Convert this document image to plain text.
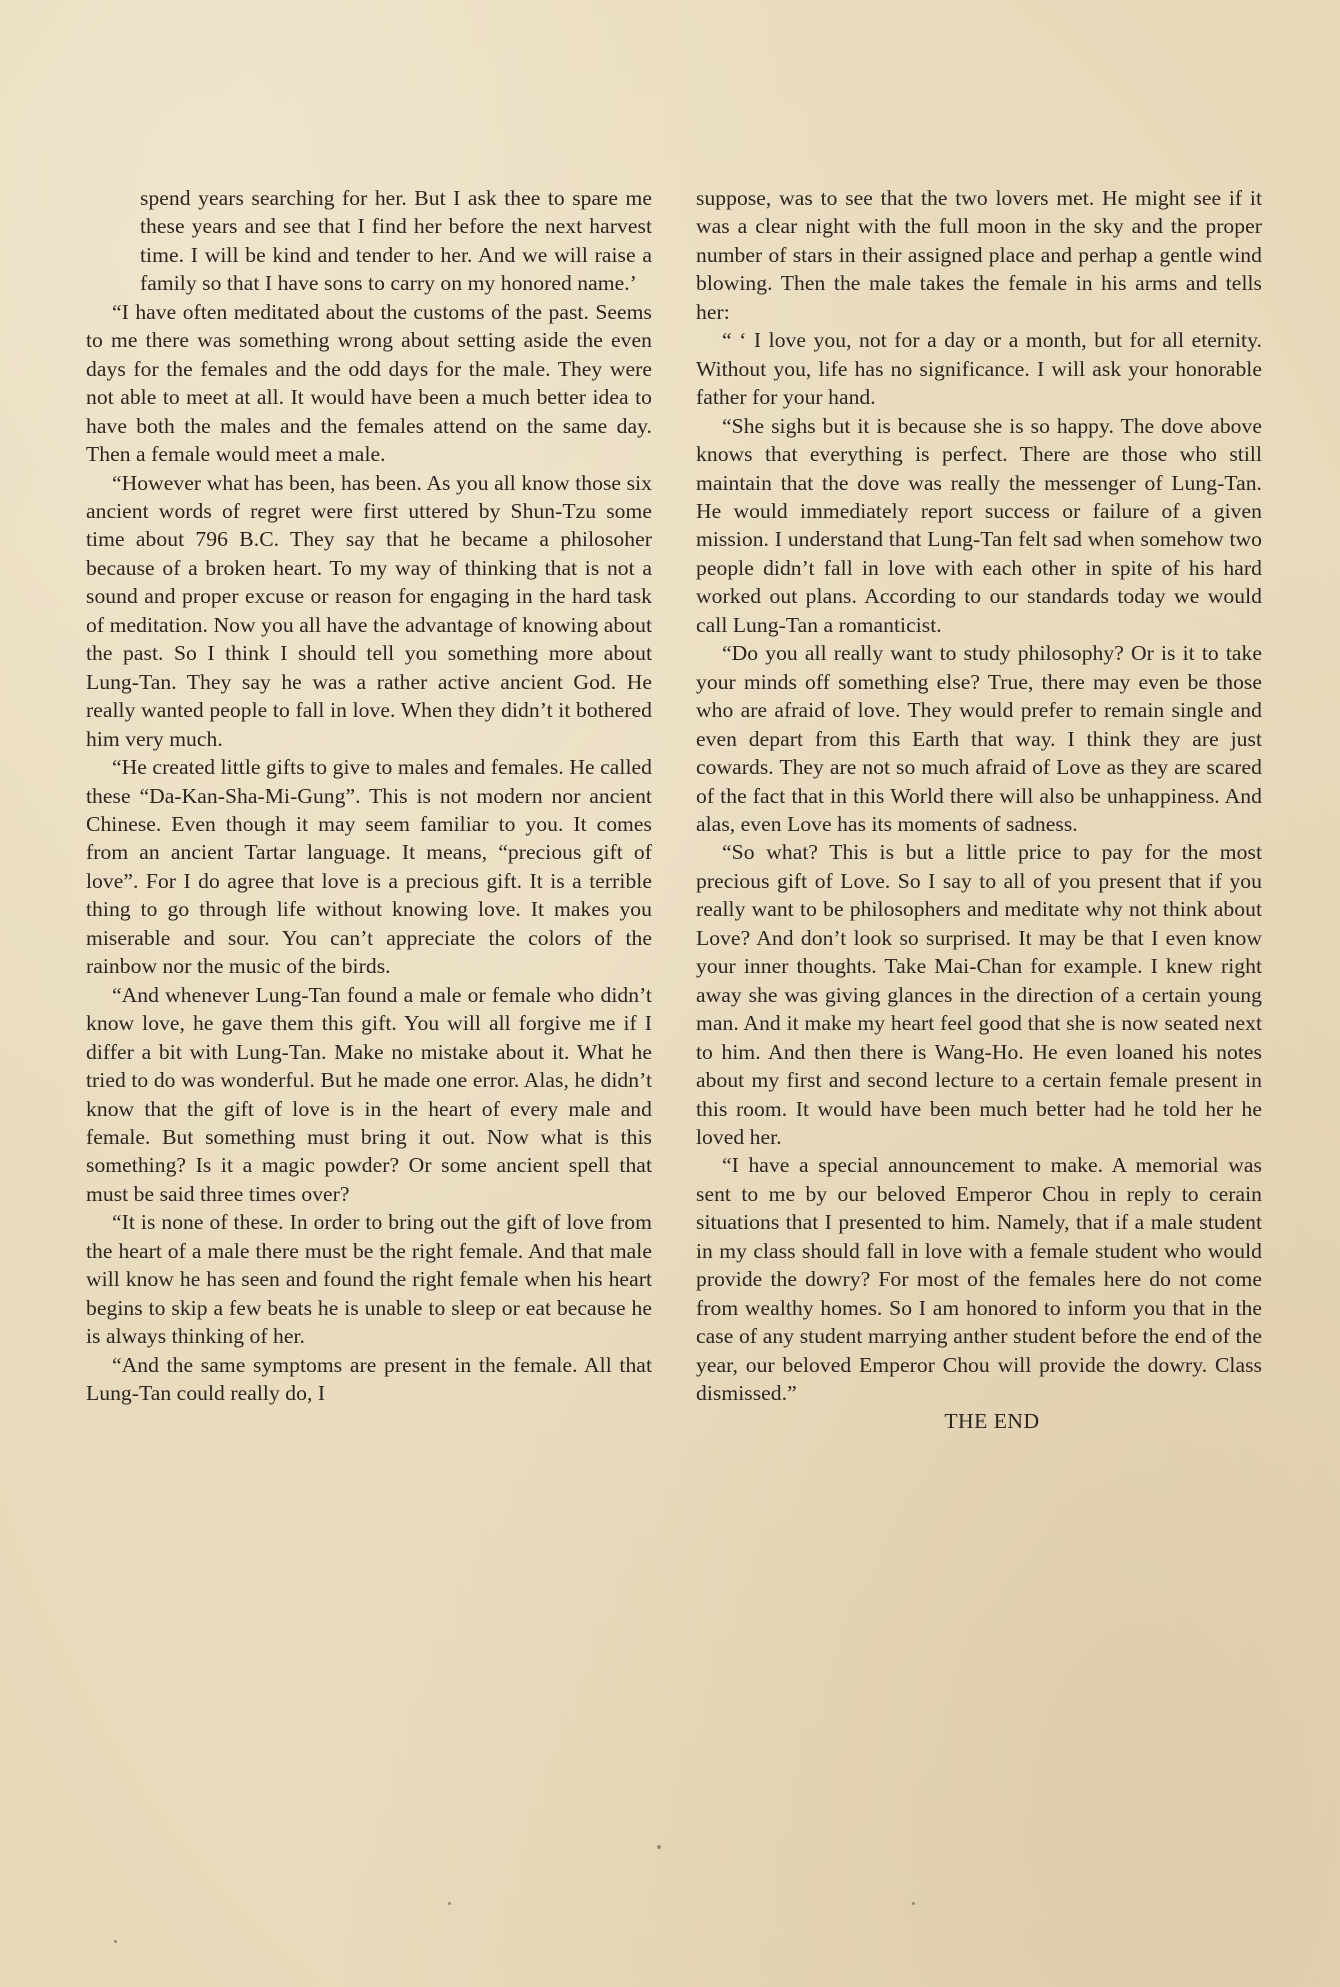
spend years searching for her. But I ask thee to spare me these years and see that I find her before the next harvest time. I will be kind and tender to her. And we will raise a family so that I have sons to carry on my honored name.’

“I have often meditated about the customs of the past. Seems to me there was something wrong about setting aside the even days for the females and the odd days for the male. They were not able to meet at all. It would have been a much better idea to have both the males and the females attend on the same day. Then a female would meet a male.

“However what has been, has been. As you all know those six ancient words of regret were first uttered by Shun-Tzu some time about 796 B.C. They say that he became a philosoher because of a broken heart. To my way of thinking that is not a sound and proper excuse or reason for engaging in the hard task of meditation. Now you all have the advantage of knowing about the past. So I think I should tell you something more about Lung-Tan. They say he was a rather active ancient God. He really wanted people to fall in love. When they didn’t it bothered him very much.

“He created little gifts to give to males and females. He called these “Da-Kan-Sha-Mi-Gung”. This is not modern nor ancient Chinese. Even though it may seem familiar to you. It comes from an ancient Tartar language. It means, “precious gift of love”. For I do agree that love is a precious gift. It is a terrible thing to go through life without knowing love. It makes you miserable and sour. You can’t appreciate the colors of the rainbow nor the music of the birds.

“And whenever Lung-Tan found a male or female who didn’t know love, he gave them this gift. You will all forgive me if I differ a bit with Lung-Tan. Make no mistake about it. What he tried to do was wonderful. But he made one error. Alas, he didn’t know that the gift of love is in the heart of every male and female. But something must bring it out. Now what is this something? Is it a magic powder? Or some ancient spell that must be said three times over?

“It is none of these. In order to bring out the gift of love from the heart of a male there must be the right female. And that male will know he has seen and found the right female when his heart begins to skip a few beats he is unable to sleep or eat because he is always thinking of her.

“And the same symptoms are present in the female. All that Lung-Tan could really do, I

suppose, was to see that the two lovers met. He might see if it was a clear night with the full moon in the sky and the proper number of stars in their assigned place and perhap a gentle wind blowing. Then the male takes the female in his arms and tells her:

“ ‘ I love you, not for a day or a month, but for all eternity. Without you, life has no significance. I will ask your honorable father for your hand.

“She sighs but it is because she is so happy. The dove above knows that everything is perfect. There are those who still maintain that the dove was really the messenger of Lung-Tan. He would immediately report success or failure of a given mission. I understand that Lung-Tan felt sad when somehow two people didn’t fall in love with each other in spite of his hard worked out plans. According to our standards today we would call Lung-Tan a romanticist.

“Do you all really want to study philosophy? Or is it to take your minds off something else? True, there may even be those who are afraid of love. They would prefer to remain single and even depart from this Earth that way. I think they are just cowards. They are not so much afraid of Love as they are scared of the fact that in this World there will also be unhappiness. And alas, even Love has its moments of sadness.

“So what? This is but a little price to pay for the most precious gift of Love. So I say to all of you present that if you really want to be philosophers and meditate why not think about Love? And don’t look so surprised. It may be that I even know your inner thoughts. Take Mai-Chan for example. I knew right away she was giving glances in the direction of a certain young man. And it make my heart feel good that she is now seated next to him. And then there is Wang-Ho. He even loaned his notes about my first and second lecture to a certain female present in this room. It would have been much better had he told her he loved her.

“I have a special announcement to make. A memorial was sent to me by our beloved Emperor Chou in reply to cerain situations that I presented to him. Namely, that if a male student in my class should fall in love with a female student who would provide the dowry? For most of the females here do not come from wealthy homes. So I am honored to inform you that in the case of any student marrying anther student before the end of the year, our beloved Emperor Chou will provide the dowry. Class dismissed.”

THE END
